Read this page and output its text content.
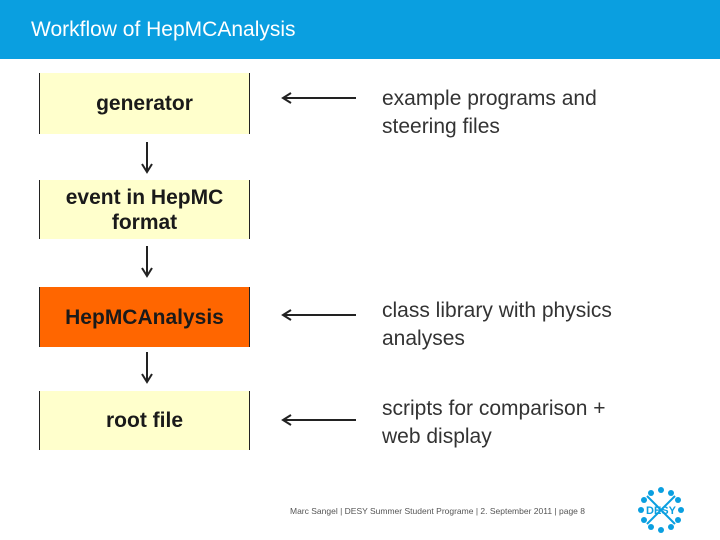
Workflow of HepMCAnalysis
generator
event in HepMC format
HepMCAnalysis
root file
example programs and
steering files
class library with physics
analyses
scripts for comparison +
web display
Marc Sangel | DESY Summer Student Programe | 2. September 2011 | page 8	DESY
